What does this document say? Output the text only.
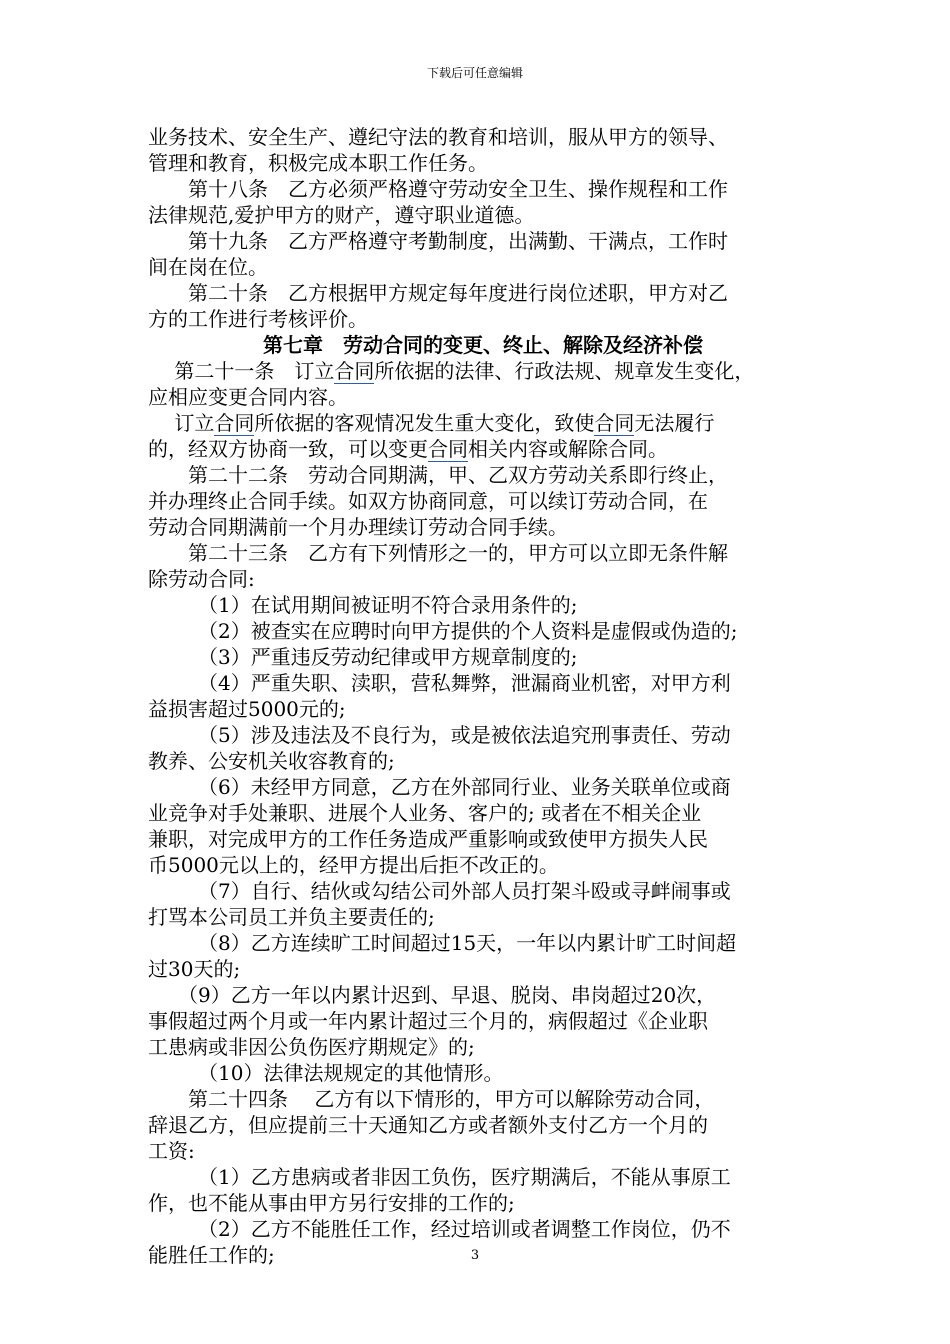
下载后可任意编辑
业务技术、安全生产、遵纪守法的教育和培训，服从甲方的领导、
管理和教育，积极完成本职工作任务。
　　第十八条　乙方必须严格遵守劳动安全卫生、操作规程和工作
法律规范,爱护甲方的财产，遵守职业道德。
　　第十九条　乙方严格遵守考勤制度，出满勤、干满点，工作时
间在岗在位。
　　第二十条　乙方根据甲方规定每年度进行岗位述职，甲方对乙
方的工作进行考核评价。
第七章　劳动合同的变更、终止、解除及经济补偿
　 第二十一条　订立合同所依据的法律、行政法规、规章发生变化，
应相应变更合同内容。
　 订立合同所依据的客观情况发生重大变化，致使合同无法履行
的，经双方协商一致，可以变更合同相关内容或解除合同。
　　第二十二条　劳动合同期满，甲、乙双方劳动关系即行终止，
并办理终止合同手续。如双方协商同意，可以续订劳动合同，在
劳动合同期满前一个月办理续订劳动合同手续。
　　第二十三条　乙方有下列情形之一的，甲方可以立即无条件解
除劳动合同:
　　　（1）在试用期间被证明不符合录用条件的;
　　　（2）被查实在应聘时向甲方提供的个人资料是虚假或伪造的;
　　　（3）严重违反劳动纪律或甲方规章制度的;
　　　（4）严重失职、渎职，营私舞弊，泄漏商业机密，对甲方利
益损害超过5000元的;
　　　（5）涉及违法及不良行为，或是被依法追究刑事责任、劳动
教养、公安机关收容教育的;
　　　（6）未经甲方同意，乙方在外部同行业、业务关联单位或商
业竞争对手处兼职、进展个人业务、客户的; 或者在不相关企业
兼职，对完成甲方的工作任务造成严重影响或致使甲方损失人民
币5000元以上的，经甲方提出后拒不改正的。
　　　（7）自行、结伙或勾结公司外部人员打架斗殴或寻衅闹事或
打骂本公司员工并负主要责任的;
　　　（8）乙方连续旷工时间超过15天，一年以内累计旷工时间超
过30天的;
　　（9）乙方一年以内累计迟到、早退、脱岗、串岗超过20次，
事假超过两个月或一年内累计超过三个月的，病假超过《企业职
工患病或非因公负伤医疗期规定》的;
　　　（10）法律法规规定的其他情形。
　　第二十四条　 乙方有以下情形的，甲方可以解除劳动合同，
辞退乙方，但应提前三十天通知乙方或者额外支付乙方一个月的
工资:
　　　（1）乙方患病或者非因工负伤，医疗期满后，不能从事原工
作，也不能从事由甲方另行安排的工作的;
　　　（2）乙方不能胜任工作，经过培训或者调整工作岗位，仍不
能胜任工作的;	3
